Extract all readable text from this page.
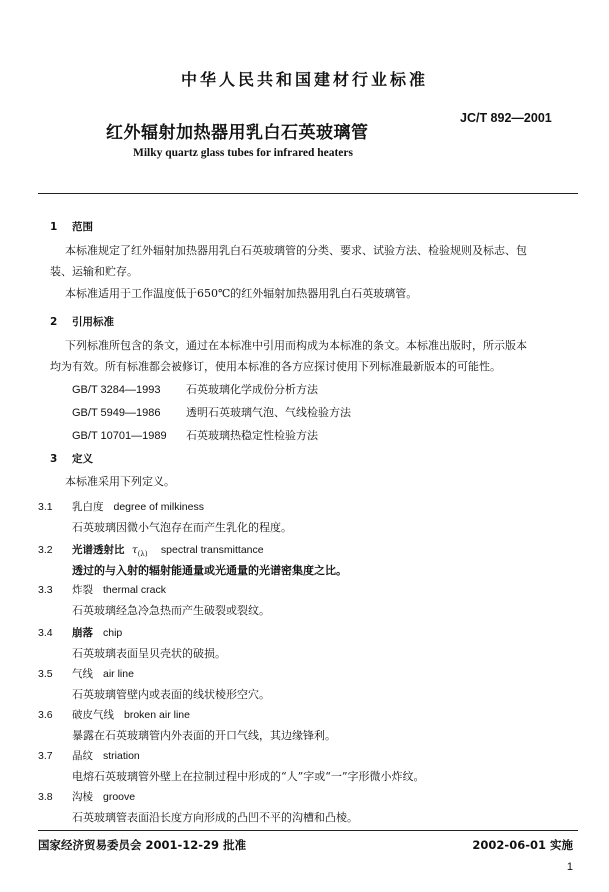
中华人民共和国建材行业标准
红外辐射加热器用乳白石英玻璃管
JC/T 892—2001
Milky quartz glass tubes for infrared heaters
1 范围
本标准规定了红外辐射加热器用乳白石英玻璃管的分类、要求、试验方法、检验规则及标志、包
装、运输和贮存。
本标准适用于工作温度低于650℃的红外辐射加热器用乳白石英玻璃管。
2 引用标准
下列标准所包含的条文，通过在本标准中引用而构成为本标准的条文。本标准出版时，所示版本
均为有效。所有标准都会被修订，使用本标准的各方应探讨使用下列标准最新版本的可能性。
GB/T 3284—1993 石英玻璃化学成份分析方法
GB/T 5949—1986 透明石英玻璃气泡、气线检验方法
GB/T 10701—1989 石英玻璃热稳定性检验方法
3 定义
本标准采用下列定义。
3.1 乳白度 degree of milkiness
石英玻璃因微小气泡存在而产生乳化的程度。
3.2 光谱透射比 $\tau_{(\lambda)}$ spectral transmittance
透过的与入射的辐射能通量或光通量的光谱密集度之比。
3.3 炸裂 thermal crack
石英玻璃经急冷急热而产生破裂或裂纹。
3.4 崩落 chip
石英玻璃表面呈贝壳状的破损。
3.5 气线 air line
石英玻璃管壁内或表面的线状棱形空穴。
3.6 破皮气线 broken air line
暴露在石英玻璃管内外表面的开口气线，其边缘锋利。
3.7 晶纹 striation
电熔石英玻璃管外壁上在拉制过程中形成的“人”字或“一”字形微小炸纹。
3.8 沟棱 groove
石英玻璃管表面沿长度方向形成的凸凹不平的沟槽和凸棱。
国家经济贸易委员会 2001-12-29 批准	2002-06-01 实施
1
